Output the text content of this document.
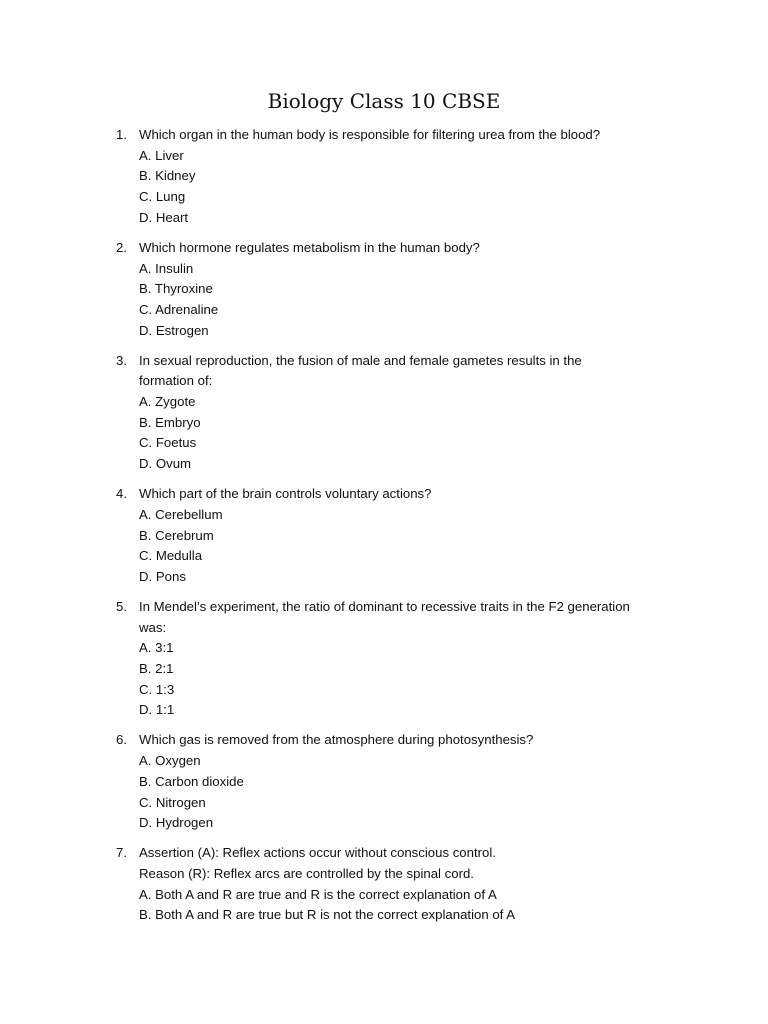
Biology Class 10 CBSE
1. Which organ in the human body is responsible for filtering urea from the blood?
A. Liver
B. Kidney
C. Lung
D. Heart
2. Which hormone regulates metabolism in the human body?
A. Insulin
B. Thyroxine
C. Adrenaline
D. Estrogen
3. In sexual reproduction, the fusion of male and female gametes results in the
formation of:
A. Zygote
B. Embryo
C. Foetus
D. Ovum
4. Which part of the brain controls voluntary actions?
A. Cerebellum
B. Cerebrum
C. Medulla
D. Pons
5. In Mendel’s experiment, the ratio of dominant to recessive traits in the F2 generation
was:
A. 3:1
B. 2:1
C. 1:3
D. 1:1
6. Which gas is removed from the atmosphere during photosynthesis?
A. Oxygen
B. Carbon dioxide
C. Nitrogen
D. Hydrogen
7. Assertion (A): Reflex actions occur without conscious control.
Reason (R): Reflex arcs are controlled by the spinal cord.
A. Both A and R are true and R is the correct explanation of A
B. Both A and R are true but R is not the correct explanation of A
